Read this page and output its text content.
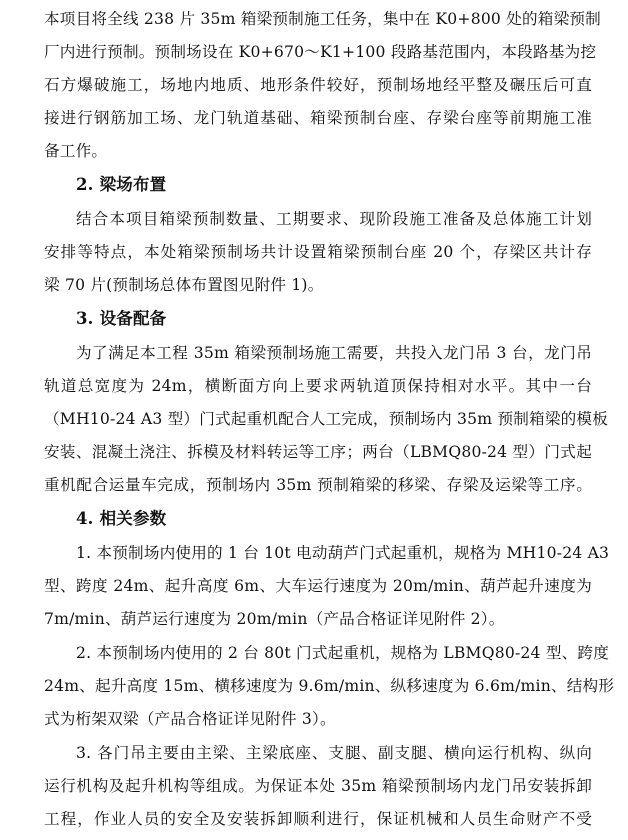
本项目将全线 238 片 35m 箱梁预制施工任务，集中在 K0+800 处的箱梁预制
厂内进行预制。预制场设在 K0+670～K1+100 段路基范围内，本段路基为挖
石方爆破施工，场地内地质、地形条件较好，预制场地经平整及碾压后可直
接进行钢筋加工场、龙门轨道基础、箱梁预制台座、存梁台座等前期施工准
备工作。
2. 梁场布置
结合本项目箱梁预制数量、工期要求、现阶段施工准备及总体施工计划
安排等特点，本处箱梁预制场共计设置箱梁预制台座 20 个，存梁区共计存
梁 70 片(预制场总体布置图见附件 1)。
3. 设备配备
为了满足本工程 35m 箱梁预制场施工需要，共投入龙门吊 3 台，龙门吊
轨道总宽度为 24m，横断面方向上要求两轨道顶保持相对水平。其中一台
（MH10-24 A3 型）门式起重机配合人工完成，预制场内 35m 预制箱梁的模板
安装、混凝土浇注、拆模及材料转运等工序；两台（LBMQ80-24 型）门式起
重机配合运量车完成，预制场内 35m 预制箱梁的移梁、存梁及运梁等工序。
4. 相关参数
1. 本预制场内使用的 1 台 10t 电动葫芦门式起重机，规格为 MH10-24 A3
型、跨度 24m、起升高度 6m、大车运行速度为 20m/min、葫芦起升速度为
7m/min、葫芦运行速度为 20m/min（产品合格证详见附件 2）。
2. 本预制场内使用的 2 台 80t 门式起重机，规格为 LBMQ80-24 型、跨度
24m、起升高度 15m、横移速度为 9.6m/min、纵移速度为 6.6m/min、结构形
式为桁架双梁（产品合格证详见附件 3）。
3. 各门吊主要由主梁、主梁底座、支腿、副支腿、横向运行机构、纵向
运行机构及起升机构等组成。为保证本处 35m 箱梁预制场内龙门吊安装拆卸
工程，作业人员的安全及安装拆卸顺利进行，保证机械和人员生命财产不受
